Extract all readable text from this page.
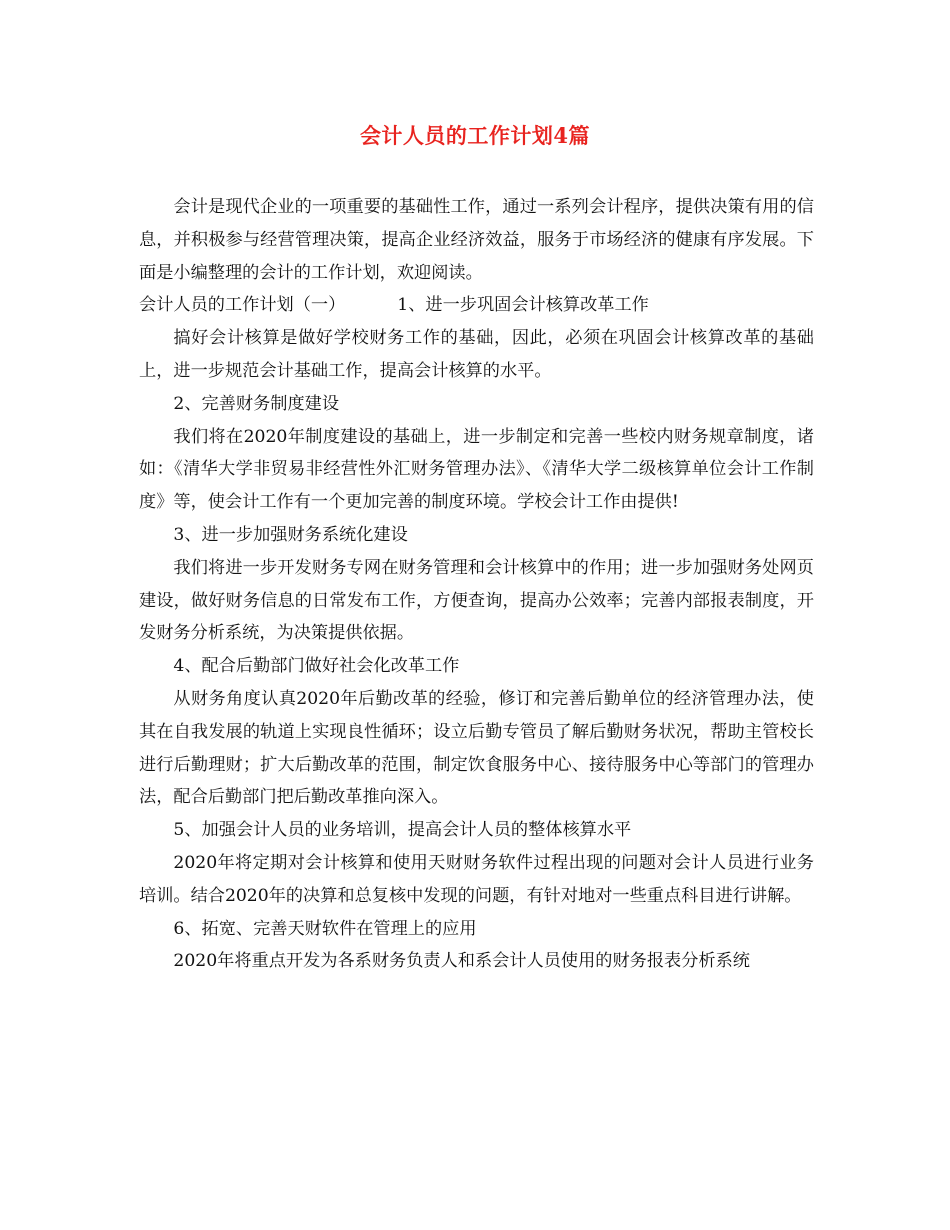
会计人员的工作计划4篇

会计是现代企业的一项重要的基础性工作，通过一系列会计程序，提供决策有用的信息，并积极参与经营管理决策，提高企业经济效益，服务于市场经济的健康有序发展。下面是小编整理的会计的工作计划，欢迎阅读。

会计人员的工作计划（一）	1、进一步巩固会计核算改革工作

搞好会计核算是做好学校财务工作的基础，因此，必须在巩固会计核算改革的基础上，进一步规范会计基础工作，提高会计核算的水平。

2、完善财务制度建设

我们将在2020年制度建设的基础上，进一步制定和完善一些校内财务规章制度，诸如：《清华大学非贸易非经营性外汇财务管理办法》、《清华大学二级核算单位会计工作制度》等，使会计工作有一个更加完善的制度环境。学校会计工作由提供!

3、进一步加强财务系统化建设

我们将进一步开发财务专网在财务管理和会计核算中的作用；进一步加强财务处网页建设，做好财务信息的日常发布工作，方便查询，提高办公效率；完善内部报表制度，开发财务分析系统，为决策提供依据。

4、配合后勤部门做好社会化改革工作

从财务角度认真2020年后勤改革的经验，修订和完善后勤单位的经济管理办法，使其在自我发展的轨道上实现良性循环；设立后勤专管员了解后勤财务状况，帮助主管校长进行后勤理财；扩大后勤改革的范围，制定饮食服务中心、接待服务中心等部门的管理办法，配合后勤部门把后勤改革推向深入。

5、加强会计人员的业务培训，提高会计人员的整体核算水平

2020年将定期对会计核算和使用天财财务软件过程出现的问题对会计人员进行业务培训。结合2020年的决算和总复核中发现的问题，有针对地对一些重点科目进行讲解。

6、拓宽、完善天财软件在管理上的应用

2020年将重点开发为各系财务负责人和系会计人员使用的财务报表分析系统
